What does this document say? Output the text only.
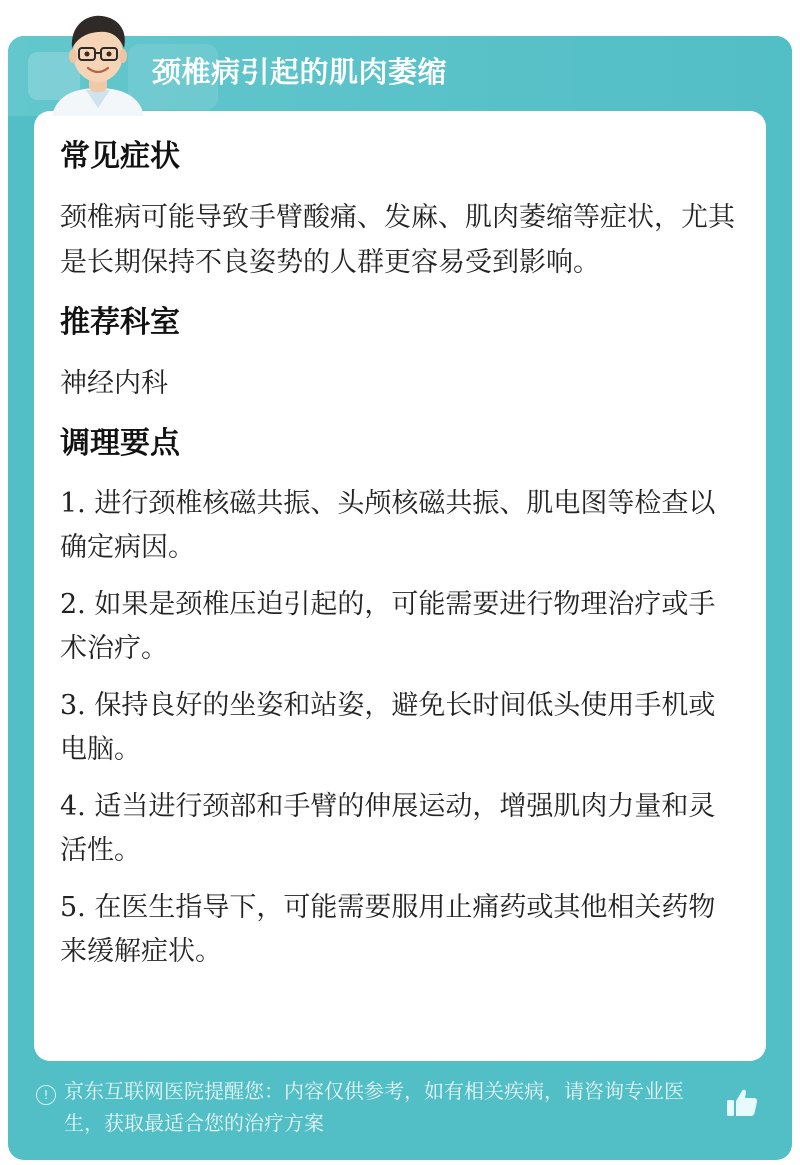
颈椎病引起的肌肉萎缩
常见症状

颈椎病可能导致手臂酸痛、发麻、肌肉萎缩等症状，尤其是长期保持不良姿势的人群更容易受到影响。

推荐科室

神经内科

调理要点

1. 进行颈椎核磁共振、头颅核磁共振、肌电图等检查以确定病因。

2. 如果是颈椎压迫引起的，可能需要进行物理治疗或手术治疗。

3. 保持良好的坐姿和站姿，避免长时间低头使用手机或电脑。

4. 适当进行颈部和手臂的伸展运动，增强肌肉力量和灵活性。

5. 在医生指导下，可能需要服用止痛药或其他相关药物来缓解症状。

! 京东互联网医院提醒您：内容仅供参考，如有相关疾病，请咨询专业医生，获取最适合您的治疗方案
